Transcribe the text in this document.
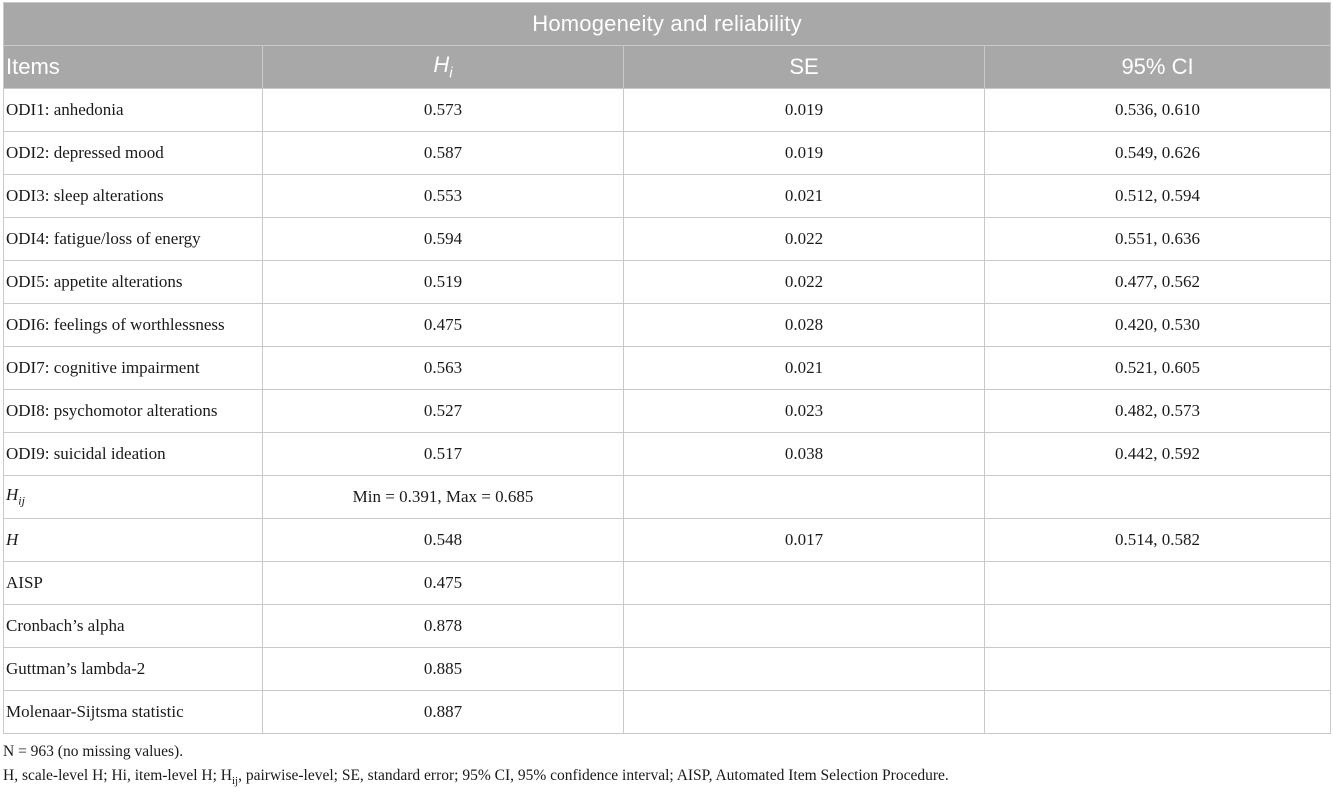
Homogeneity and reliability			
Items	$H_i$	SE	95% CI
ODI1: anhedonia	0.573	0.019	0.536, 0.610
ODI2: depressed mood	0.587	0.019	0.549, 0.626
ODI3: sleep alterations	0.553	0.021	0.512, 0.594
ODI4: fatigue/loss of energy	0.594	0.022	0.551, 0.636
ODI5: appetite alterations	0.519	0.022	0.477, 0.562
ODI6: feelings of worthlessness	0.475	0.028	0.420, 0.530
ODI7: cognitive impairment	0.563	0.021	0.521, 0.605
ODI8: psychomotor alterations	0.527	0.023	0.482, 0.573
ODI9: suicidal ideation	0.517	0.038	0.442, 0.592
$H_{ij}$	Min = 0.391, Max = 0.685		
H	0.548	0.017	0.514, 0.582
AISP	0.475		
Cronbach’s alpha	0.878		
Guttman’s lambda-2	0.885		
Molenaar-Sijtsma statistic	0.887		
N = 963 (no missing values).
H, scale-level H; Hi, item-level H; $H_{ij}$, pairwise-level; SE, standard error; 95% CI, 95% confidence interval; AISP, Automated Item Selection Procedure.
